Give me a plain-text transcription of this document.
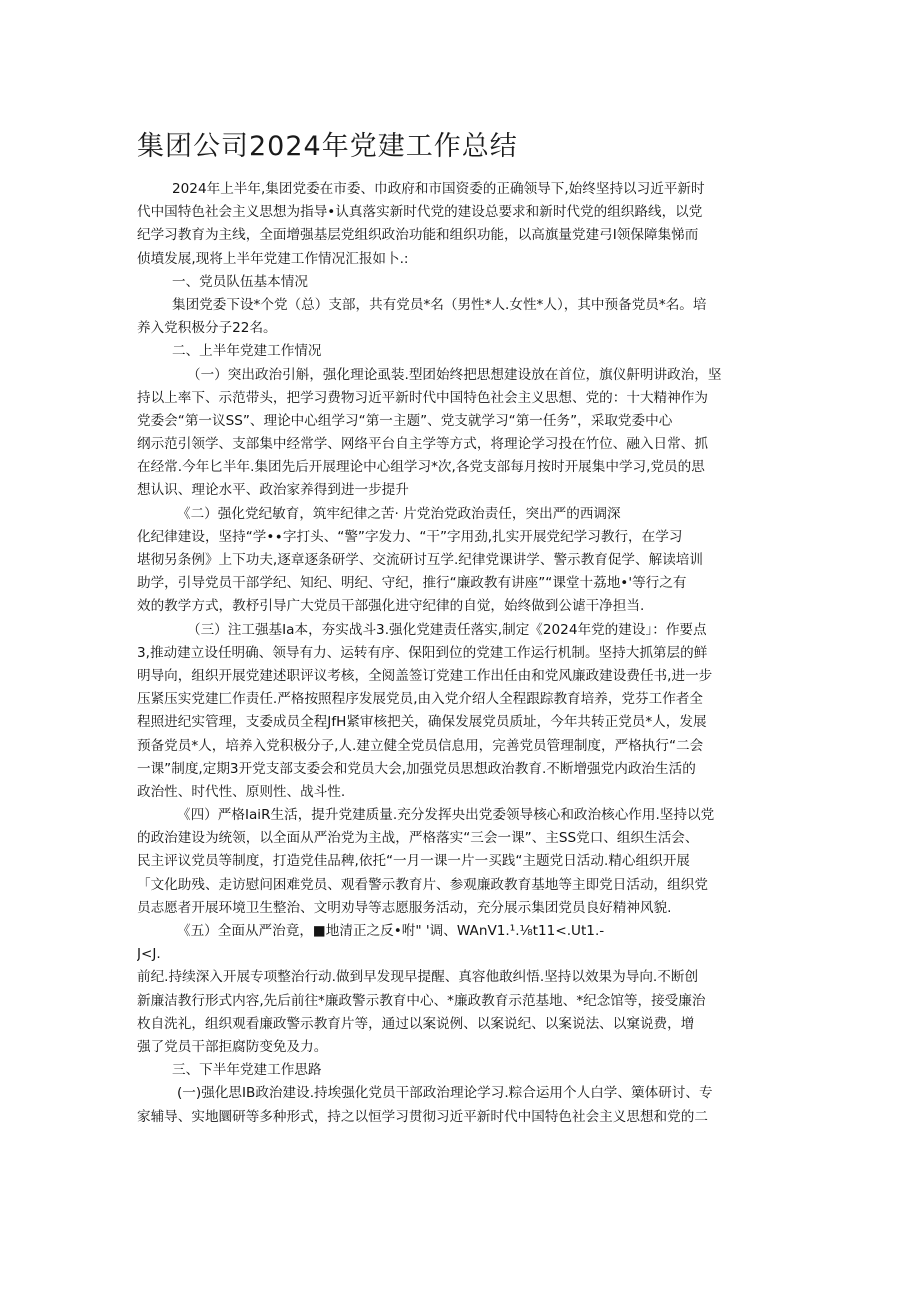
集团公司2024年党建工作总结
2024年上半年,集团党委在市委、巾政府和市国资委的正确领导下,始终坚持以习近平新时
代中国特色社会主义思想为指导•认真落实新时代党的建设总要求和新时代党的组织路线，以党
纪学习教育为主线，全面增强基层党组织政治功能和组织功能，以高旗量党建弓I领保障集悌而
侦墳发展,现将上半年党建工作情况汇报如卜.:
一、党员队伍基本情况
集团党委下设*个党（总）支部，共有党员*名（男性*人.女性*人），其中预备党员*名。培
养入党积极分子22名。
二、上半年党建工作情况
（一）突出政治引斛，强化理论虱装.型团始终把思想建设放在首位，旗仪鼾明讲政治，坚
持以上率下、示范带头，把学习费物习近平新时代中国特色社会主义思想、党的：十大精神作为
党委会“第一议SS”、理论中心组学习“第一主题”、党支就学习“第一任务”，采取党委中心
纲示范引领学、支部集中经常学、网络平台自主学等方式，将理论学习投在竹位、融入日常、抓
在经常.今年匕半年.集团先后开展理论中心组学习*次,各党支部每月按时开展集中学习,党员的思
想认识、理论水平、政治家养得到进一步提升
《二）强化党纪敏育，筑牢纪律之苦· 片党治党政治责任，突出严的西调深
化纪律建设，坚持“学•∙字打头、“警”字发力、“干”字用劲,扎实开展党纪学习教行，在学习
堪彻另条例》上下功夫,逐章逐条研学、交流研讨互学.纪律党课讲学、警示教育促学、解读培训
助学，引导党员干部学纪、知纪、明纪、守纪，推行“廉政教有讲座”“课堂十荔地•'等行之有
效的教学方式，教杼引导广大党员干部强化进守纪律的自觉，始终做到公谑干净担当.
（三）注工强基Ia本，夯实战斗3.强化党建责任落实,制定《2024年党的建设」：作要点
3,推动建立设任明确、领导有力、运转有序、保阳到位的党建工作运行机制。坚持大抓第层的鲜
明导向，组织开展党建述职评议考核，全阅盖签订党建工作出任由和党风廉政建设费任书,进一步
压紧压实党建匚作责任.严格按照程序发展党员,由入党介绍人全程跟踪教育培养，党芬工作者全
程照进纪实管理，支委成员全程JfH紧审核把关，确保发展党员质址，今年共转正党员*人，发展
预备党员*人，培养入党积极分子,人.建立健全党员信息用，完善党员管理制度，严格执行“二会
一课”制度,定期3开党支部支委会和党员大会,加强党员思想政治教育.不断增强党内政治生活的
政治性、时代性、原则性、战斗性.
《四）严格IaiR生活，提升党建质量.充分发挥央出党委领导核心和政治核心作用.坚持以党
的政治建设为统领，以全面从严治党为主战，严格落实“三会一课”、主SS党口、组织生活会、
民主评议党员等制度，打造党佳品稗,依托“一月一课一片一买践“主题党日活动.精心组织开展
「文化助残、走访慰问困难党员、观看警示教育片、参观廉政教育基地等主即党日活动，组织党
员志愿者开展环境卫生整治、文明劝导等志愿服务活动，充分展示集团党员良好精神风貌.
《五）全面从严治竟，■地清正之反•咐" '调、WAnV1.¹.⅛t11<.Ut1.-
J<J.
前纪.持续深入开展专项整治行动.做到早发现早提醒、真容他敢纠悟.坚持以效果为导向.不断创
新廉洁教行形式内容,先后前往*廉政警示教育中心、*廉政教育示范基地、*纪念馆等，接受廉治
枚自洗礼，组织观看廉政警示教育片等，通过以案说例、以案说纪、以案说法、以窠说费，增
强了党员干部拒腐防变免及力。
三、下半年党建工作思路
(一)强化思IB政治建设.持埃强化党员干部政治理论学习.粽合运用个人白学、篥体研讨、专
家辅导、实地圜研等多种形式，持之以恒学习贯彻习近平新时代中国特色社会主义思想和党的二
